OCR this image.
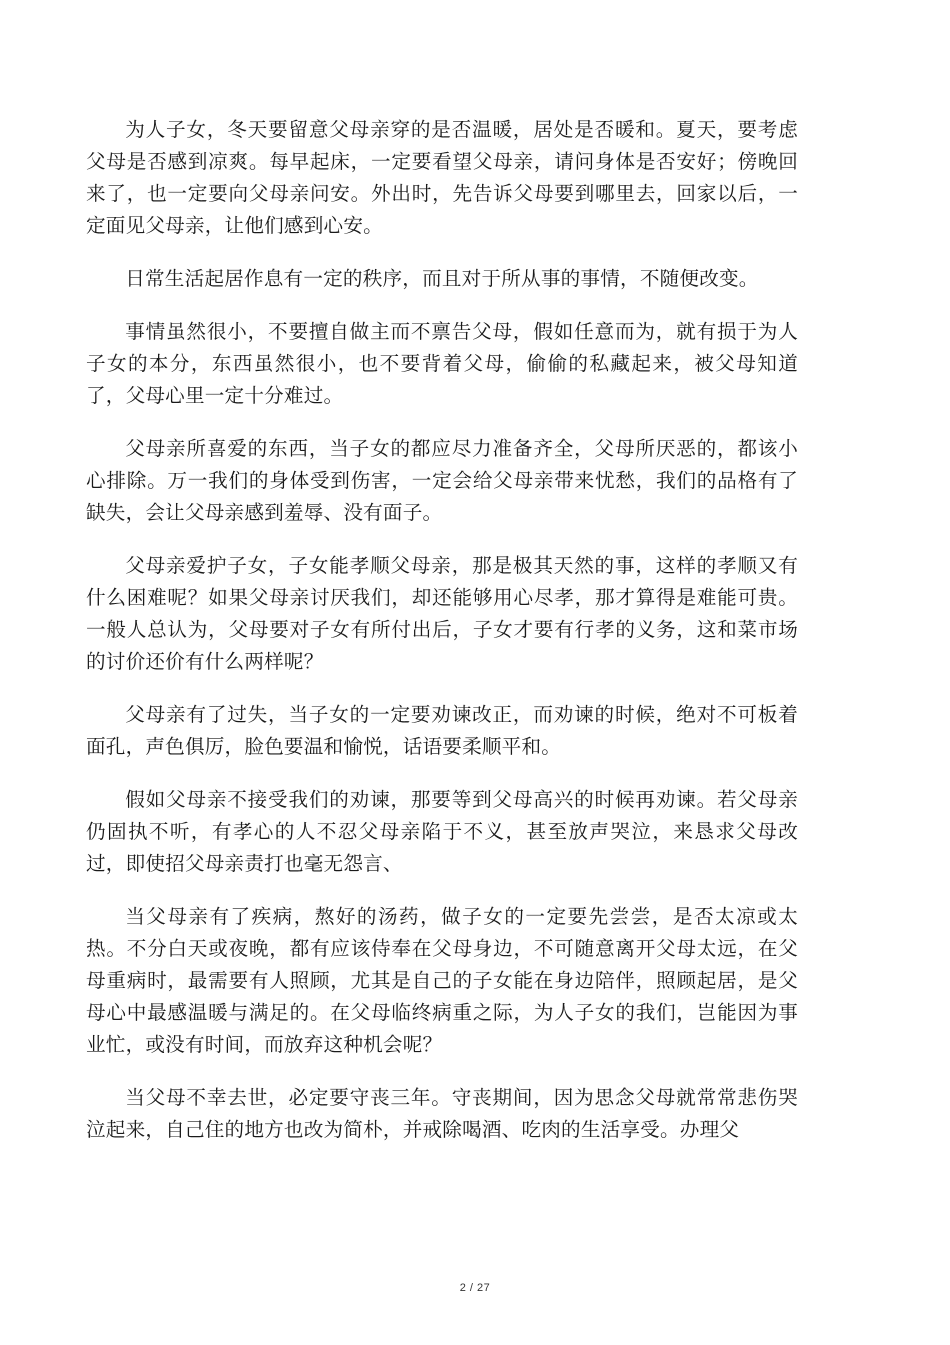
为人子女，冬天要留意父母亲穿的是否温暖，居处是否暖和。夏天，要考虑父母是否感到凉爽。每早起床，一定要看望父母亲，请问身体是否安好；傍晚回来了，也一定要向父母亲问安。外出时，先告诉父母要到哪里去，回家以后，一定面见父母亲，让他们感到心安。

日常生活起居作息有一定的秩序，而且对于所从事的事情，不随便改变。

事情虽然很小，不要擅自做主而不禀告父母，假如任意而为，就有损于为人子女的本分，东西虽然很小，也不要背着父母，偷偷的私藏起来，被父母知道了，父母心里一定十分难过。

父母亲所喜爱的东西，当子女的都应尽力准备齐全，父母所厌恶的，都该小心排除。万一我们的身体受到伤害，一定会给父母亲带来忧愁，我们的品格有了缺失，会让父母亲感到羞辱、没有面子。

父母亲爱护子女，子女能孝顺父母亲，那是极其天然的事，这样的孝顺又有什么困难呢？如果父母亲讨厌我们，却还能够用心尽孝，那才算得是难能可贵。一般人总认为，父母要对子女有所付出后，子女才要有行孝的义务，这和菜市场的讨价还价有什么两样呢？

父母亲有了过失，当子女的一定要劝谏改正，而劝谏的时候，绝对不可板着面孔，声色俱厉，脸色要温和愉悦，话语要柔顺平和。

假如父母亲不接受我们的劝谏，那要等到父母高兴的时候再劝谏。若父母亲仍固执不听，有孝心的人不忍父母亲陷于不义，甚至放声哭泣，来恳求父母改过，即使招父母亲责打也毫无怨言、

当父母亲有了疾病，熬好的汤药，做子女的一定要先尝尝，是否太凉或太热。不分白天或夜晚，都有应该侍奉在父母身边，不可随意离开父母太远，在父母重病时，最需要有人照顾，尤其是自己的子女能在身边陪伴，照顾起居，是父母心中最感温暖与满足的。在父母临终病重之际，为人子女的我们，岂能因为事业忙，或没有时间，而放弃这种机会呢？

当父母不幸去世，必定要守丧三年。守丧期间，因为思念父母就常常悲伤哭泣起来，自己住的地方也改为简朴，并戒除喝酒、吃肉的生活享受。办理父

2 / 27
